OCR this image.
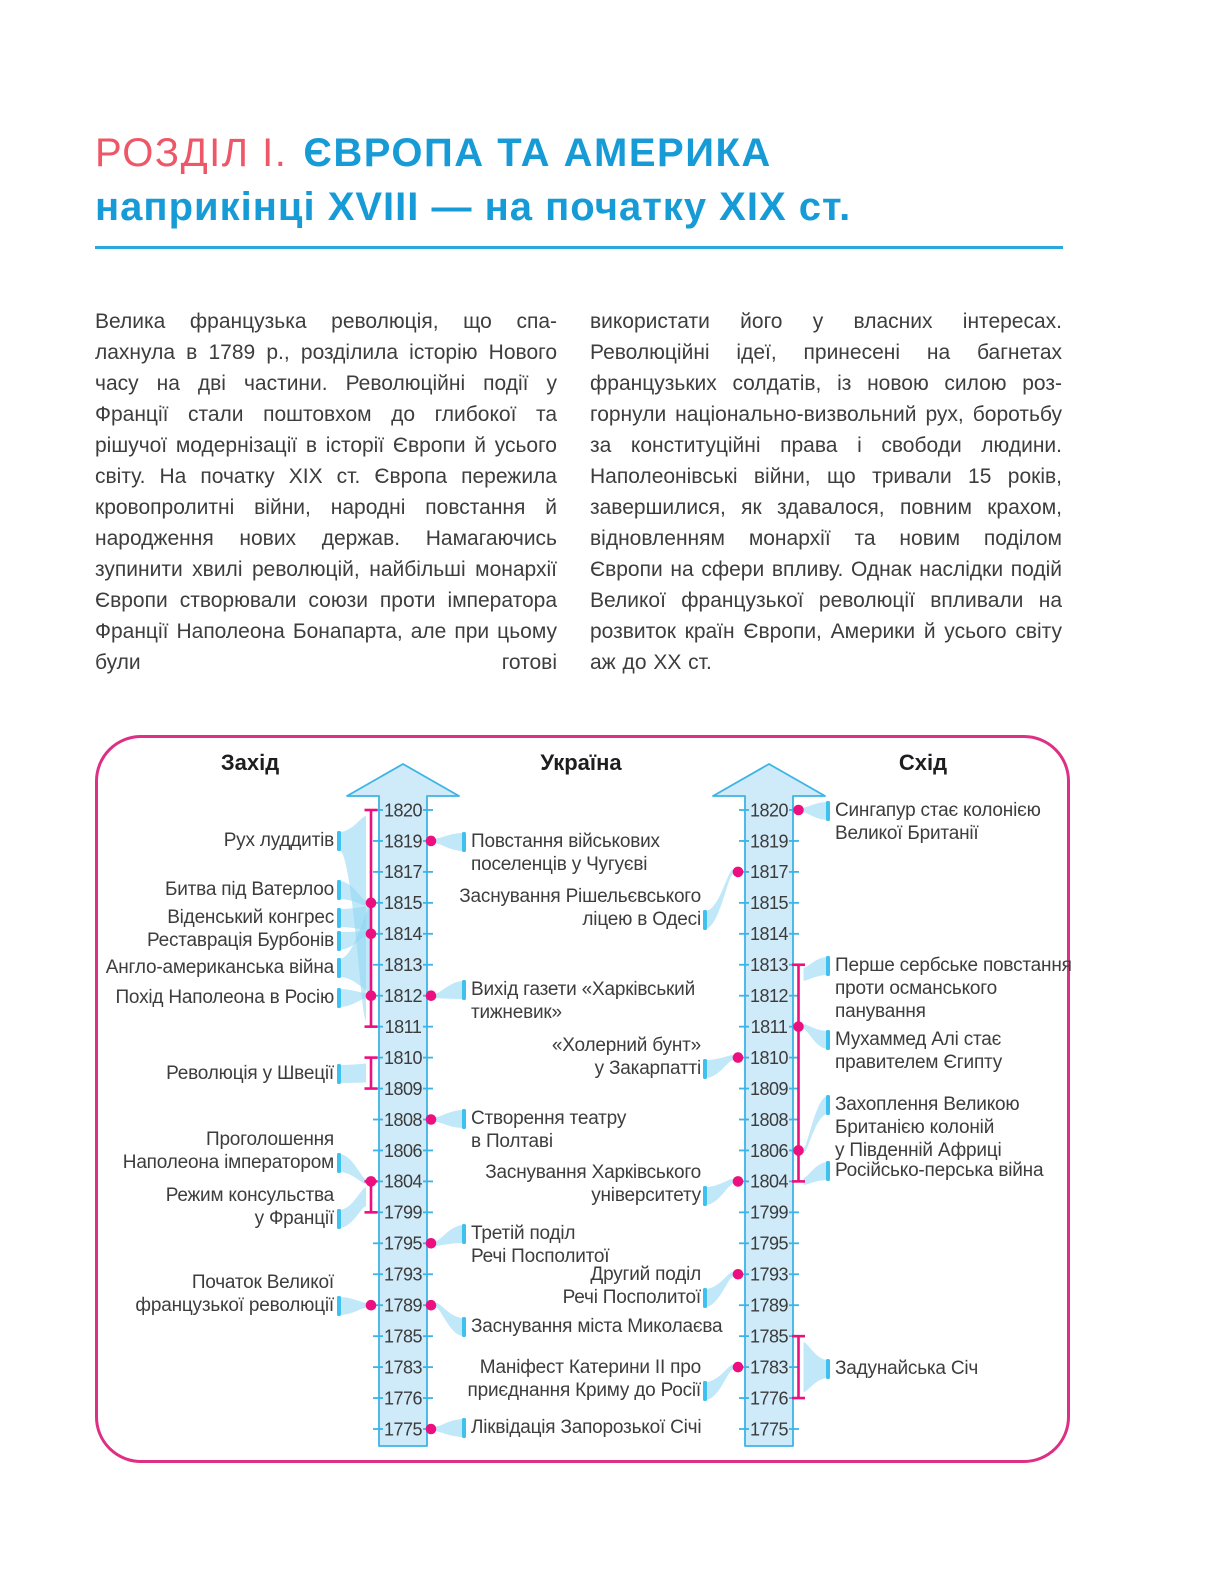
РОЗДІЛ І. ЄВРОПА ТА АМЕРИКА
наприкінці XVIII — на початку XIX ст.
Велика французька революція, що спалахнула в 1789 р., розділила історію Нового часу на дві частини. Революційні події у Франції стали поштовхом до глибокої та рішучої модернізації в історії Європи й усього світу. На початку XIX ст. Європа пережила кровопролитні війни, народні повстання й народження нових держав. Намагаючись зупинити хвилі революцій, найбільші монархії Європи створювали союзи проти імператора Франції Наполеона Бонапарта, але при цьому були готові
використати його у власних інтересах. Революційні ідеї, принесені на багнетах французьких солдатів, із новою силою розгорнули національно-визвольний рух, боротьбу за конституційні права і свободи людини. Наполеонівські війни, що тривали 15 років, завершилися, як здавалося, повним крахом, відновленням монархії та новим поділом Європи на сфери впливу. Однак наслідки подій Великої французької революції впливали на розвиток країн Європи, Америки й усього світу аж до XX ст.
1820	1820
1819	1819
1817	1817
1815	1815
1814	1814
1813	1813
1812	1812
1811	1811
1810	1810
1809	1809
1808	1808
1806	1806
1804	1804
1799	1799
1795	1795
1793	1793
1789	1789
1785	1785
1783	1783
1776	1776
1775	1775
Рух луддитів
Битва під Ватерлоо
Віденський конгрес
Реставрація Бурбонів
Англо-американська війна
Похід Наполеона в Росію
Революція у Швеції
Проголошення
Наполеона імператором
Режим консульства
у Франції
Початок Великої
французької революції
Повстання військових
поселенців у Чугуєві
Вихід газети «Харківський
тижневик»
Створення театру
в Полтаві
Третій поділ
Речі Посполитої
Заснування міста Миколаєва
Ліквідація Запорозької Січі
Заснування Рішельєвського
ліцею в Одесі
«Холерний бунт»
у Закарпатті
Заснування Харківського
університету
Другий поділ
Речі Посполитої
Маніфест Катерини II про
приєднання Криму до Росії
Сингапур стає колонією
Великої Британії
Перше сербське повстання
проти османського
панування
Мухаммед Алі стає
правителем Єгипту
Захоплення Великою
Британією колоній
у Південній Африці
Російсько-перська війна
Задунайська Січ
Захід	Україна	Схід
